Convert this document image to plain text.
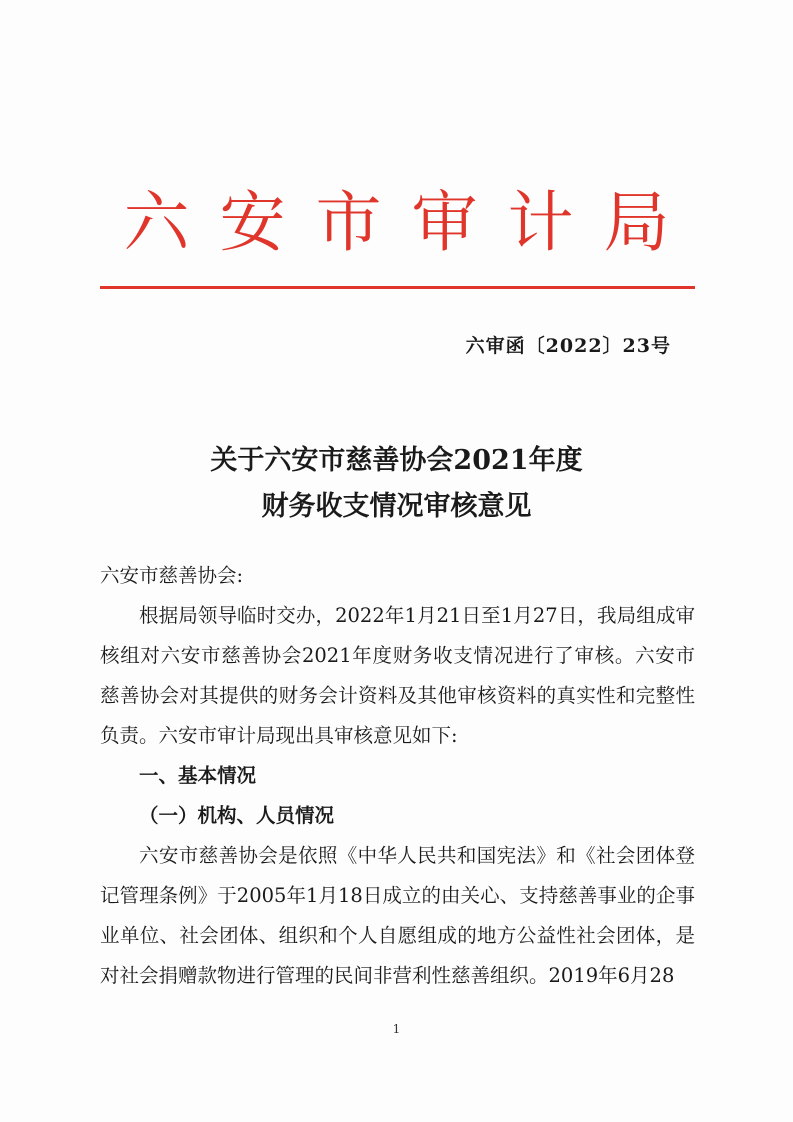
六安市审计局
六审函〔2022〕23号
关于六安市慈善协会2021年度
财务收支情况审核意见

六安市慈善协会:

根据局领导临时交办，2022年1月21日至1月27日，我局组成审核组对六安市慈善协会2021年度财务收支情况进行了审核。六安市慈善协会对其提供的财务会计资料及其他审核资料的真实性和完整性负责。六安市审计局现出具审核意见如下:

一、基本情况

（一）机构、人员情况

六安市慈善协会是依照《中华人民共和国宪法》和《社会团体登记管理条例》于2005年1月18日成立的由关心、支持慈善事业的企事业单位、社会团体、组织和个人自愿组成的地方公益性社会团体，是对社会捐赠款物进行管理的民间非营利性慈善组织。2019年6月28

1
